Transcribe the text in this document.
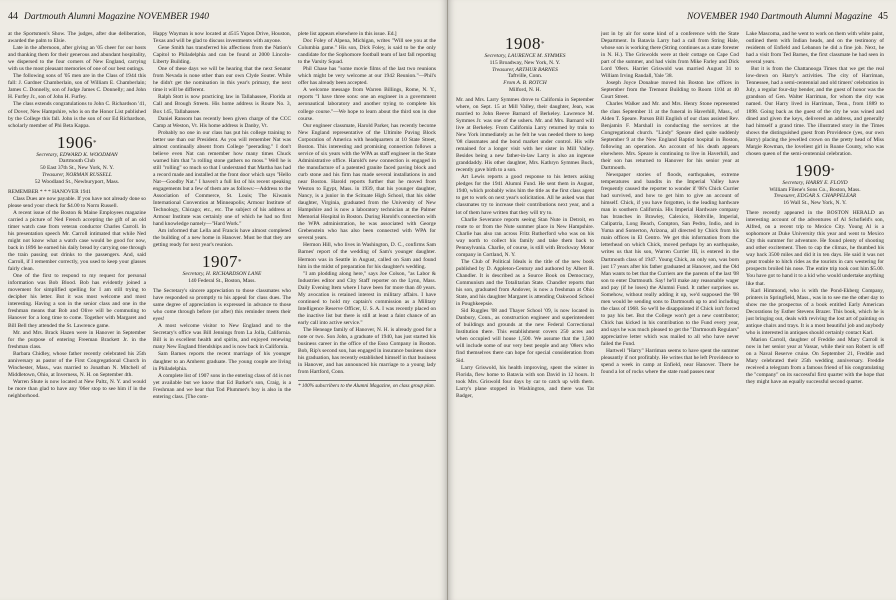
44 Dartmouth Alumni Magazine NOVEMBER 1940

at the Sportsmen's Show. The judges, after due deliberation, awarded the palm to Elsie.

Late in the afternoon, after giving an '05 cheer for our hosts and thanking them for their generous and abundant hospitality, we dispersed to the four corners of New England, carrying with us the most pleasant memories of one of our best outings.

The following sons of '05 men are in the Class of 1944 this fall: J. Gardner Chamberlain, son of William E. Chamberlain; James C. Donnelly, son of Judge James C. Donnelly; and John H. Furfey Jr., son of John H. Furfey.

The class extends congratulations to John C. Richardson '41, of Dover, New Hampshire, who is on the Honor List published by the College this fall. John is the son of our Ed Richardson, scholarly member of Phi Beta Kappa.

1906*
Secretary, EDWARD K. WOODMAN
Dartmouth Club
50 East 37th St., New York, N. Y.
Treasurer, NORMAN RUSSELL
52 Woodland St., Newburyport, Mass.

REMEMBER * * * HANOVER 1941

Class Dues are now payable. If you have not already done so please send your check for $4.00 to Norm Russell.

A recent issue of the Boston & Maine Employees magazine carried a picture of Ned French accepting the gift of an old timer watch case from veteran conductor Charles Carroll. In his presentation speech Mr. Carroll intimated that while Ned might not know what a watch case would be good for now, back in 1896 he earned his daily bread by carrying one through the train passing out drinks to the passengers. And, said Carroll, if I remember correctly, you used to keep your glasses fairly clean.

One of the first to respond to my request for personal information was Bob Blood. Bob has evidently joined a movement for simplified spelling for I am still trying to decipher his letter. But it was most welcome and most interesting. Having a son in the senior class and one in the freshman means that Bob and Olive will be commuting to Hanover for a long time to come. Together with Margaret and Bill Bell they attended the St. Lawrence game.

Mr. and Mrs. Brack Hazen were in Hanover in September for the purpose of entering Freeman Brackett Jr. in the freshman class.

Barbara Chidley, whose father recently celebrated his 25th anniversary as pastor of the First Congregational Church in Winchester, Mass., was married to Jonathan N. Mitchell of Middletown, Ohio, at Inverness, N. H. on September 4th.

Warren Shute is now located at New Paltz, N. Y. and would be more than glad to have any '06er stop to see him if in the neighborhood.

Happy Wayman is now located at 4515 Yupon Drive, Houston, Texas and will be glad to discuss investments with anyone.

Gene Smith has transferred his affections from the Nation's Capitol to Philadelphia and can be found at 2000 Lincoln-Liberty Building.

One of these days we will be hearing that the next Senator from Nevada is none other than our own Clyde Souter. While he didn't get the nomination in this year's primary, the next time it will be different.

Ralph Stott is now practicing law in Tallahassee, Florida at Call and Brough Streets. His home address is Route No. 3, Box 145, Tallahassee.

Daniel Ransom has recently been given charge of the CCC Camp at Weston, Vt. His home address is Danby, Vt.

Probably no one in our class has put his college training to better use than our President. As you will remember Nat was almost continually absent from College "peerading." I don't believe even Nat can remember how many times Chuck warned him that "a rolling stone gathers no moss." Well he is still "rolling" so much so that I understand that Martha has had a record made and installed at the front door which says "Hello Nat—Goodby Nat." I haven't a full list of his recent speaking engagements but a few of them are as follows:—Address to the Association of Commerce, St. Louis; The Kiwanis International Convention at Minneapolis; Armour Institute of Technology, Chicago; etc., etc. The subject of his address at Armour Institute was certainly one of which he had no first hand knowledge namely—"Hard Work."

Am informed that Lella and Francis have almost completed the building of a new home in Hanover. Must be that they are getting ready for next year's reunion.

1907*
Secretary, H. RICHARDSON LANE
140 Federal St., Boston, Mass.

The Secretary's sincere appreciation to those classmates who have responded so promptly to his appeal for class dues. The same degree of appreciation is expressed in advance to those who come through before (or after) this reminder meets their eyes!

A most welcome visitor to New England and to the Secretary's office was Bill Jennings from La Jolla, California. Bill is in excellent health and spirits, and enjoyed renewing many New England friendships and is now back in California.

Sam Barnes reports the recent marriage of his younger daughter to an Amherst graduate. The young couple are living in Philadelphia.

A complete list of 1907 sons in the entering class of 44 is not yet available but we know that Ed Barker's son, Craig, is a Freshman and we hear that Tod Plummer's boy is also in the entering class. [The com-

plete list appears elsewhere in this issue. Ed.]

Doc Foley of Alpena, Michigan, writes "Will see you at the Columbia game." His son, Dick Foley, is said to be the only candidate for the Sophomore football team of last fall reporting to the Varsity Squad.

Phil Chase has "some movie films of the last two reunions which might be very welcome at our 1942 Reunion."—Phil's offer has already been accepted.

A welcome message from Warren Billings, Rome, N. Y., reports "I have three sons: one an engineer in a government aeronautical laboratory and another trying to complete his college course."—We hope to learn about the third son in due course.

Our engineer classmate, Harold Parker, has recently become New England representative of the Ultimite Paving Block Corporation of America with headquarters at 10 State Street, Boston. This interesting and promising connection follows a service of six years with the WPA as staff engineer in the State Administrative office. Harold's new connection is engaged in the manufacture of a patented granite faced paving block and curb stone and his firm has made several installations in and near Boston. Harold reports further that he moved from Weston to Egypt, Mass. in 1939, that his younger daughter, Nancy, is a junior in the Scituate High School, that his older daughter, Virginia, graduated from the University of New Hampshire and is now a laboratory technician at the Palmer Memorial Hospital in Boston. During Harold's connection with the WPA administration, he was associated with George Grebenstein who has also been connected with WPA for several years.

Hermon Hill, who lives in Washington, D. C., confirms Sam Barnes' report of the wedding of Sam's younger daughter. Hermon was in Seattle in August, called on Sam and found him in the midst of preparation for his daughter's wedding.

"I am plodding along here," says Joe Colson, "as Labor & Industries editor and City Staff reporter on the Lynn, Mass. Daily Evening Item where I have been for more than 40 years. My avocation is retained interest in military affairs. I have continued to hold my captain's commission as a Military Intelligence Reserve Officer, U. S. A. I was recently placed on the inactive list but there is still at least a faint chance of an early call into active service."

The Heneage family of Hanover, N. H. is already good for a note or two. Son John, a graduate of 1940, has just started his business career in the office of the Esso Company in Boston. Bob, Rip's second son, has engaged in insurance business since his graduation, has recently established himself in that business in Hanover, and has announced his marriage to a young lady from Hartford, Conn.

* 100% subscribers to the Alumni Magazine, on class group plan.
NOVEMBER 1940 Dartmouth Alumni Magazine 45
1908*
Secretary, LAURENCE M. SYMMES
115 Broadway, New York, N. Y.
Treasurer, ARTHUR BARNES
Taftville, Conn.
From A. B. ROTCH
Milford, N. H.

Mr. and Mrs. Larry Symmes drove to California in September where, on Sept. 15 at Mill Valley, their daughter, Jean, was married to John Reeve Barnard of Berkeley. Lawrence M. Symmes Jr. was one of the ushers. Mr. and Mrs. Barnard will live at Berkeley. From California Larry returned by train to New York immediately as he felt he was needed there to keep '08 classmates and the bond market under control. His wife remained for a longer visit with her sister in Mill Valley. Besides being a new father-in-law Larry is also an ingenue granddaddy. His other daughter, Mrs. Kathryn Symmes Buck, recently gave birth to a son.

Art Lewis reports a good response to his letters asking pledges for the 1941 Alumni Fund. He sent them in August, 1940, which probably wins him the title as the first class agent to get to work on next year's solicitation. All he asked was that classmates try to increase their contributions next year, and a lot of them have written that they will try to.

Charlie Severance reports seeing Stan Nute in Detroit, en route to or from the Nute summer place in New Hampshire. Charlie has also ran across Fritz Rutherford who was on his way north to collect his family and take them back to Pennsylvania. Charlie, of course, is still with Brockway Motor company in Cortland, N. Y.

The Club of Political Ideals is the title of the new book published by D. Appleton-Century and authored by Albert R. Chandler. It is described as a Source Book on Democracy, Communism and the Totalitarian State. Chandler reports that his son, graduated from Andover, is now a freshman at Ohio State, and his daughter Margaret is attending Oakwood School in Poughkeepsie.

Sid Ruggles '08 and Thayer School '09, is now located in Danbury, Conn., as construction engineer and superintendent of buildings and grounds at the new Federal Correctional Institution there. This establishment covers 250 acres and when occupied will house 1,500. We assume that the 1,500 will include some of our very best people and any '08ers who find themselves there can hope for special consideration from Sid.

Larry Griswold, his health improving, spent the winter in Florida, flew home to Batavia with son David in 12 hours. It took Mrs. Griswold four days by car to catch up with them. Larry's plane stopped in Washington, and there was Tat Badger,

just in by air for some kind of a conference with the State Department. In Batavia Larry had a call from String Hale, whose son is working there (String continues as a state forester in N. H.). The Griswolds were at their cottage on Cape Cod part of the summer, and had visits from Mike Farley and Dick Lord '09ers. Harriet Griswold was married August 31 to William Irving Randall, Yale '38.

Joseph Joyce Donahue moved his Boston law offices in September from the Tremont Building to Room 1104 at 40 Court Street.

Charles Walker and Mr. and Mrs. Henry Stone represented the class September 11 at the funeral in Haverhill, Mass., of Alden T. Speare. Parson Bill English of our class assisted Rev. Benjamin F. Marshall in conducting the services at the Congregational church. "Lindy" Speare died quite suddenly September 9 at the New England Baptist hospital in Boston, following an operation. An account of his death appears elsewhere. Mrs. Speare is continuing to live in Haverhill, and their son has returned to Hanover for his senior year at Dartmouth.

Newspaper stories of floods, earthquakes, extreme temperatures and bandits in the Imperial Valley have frequently caused the reporter to wonder if '08's Chick Currier had survived, and how to get him to give an account of himself. Chick, if you have forgotten, is the leading hardware man in southern California. His Imperial Hardware company has branches in Brawley, Calexico, Holtville, Imperial, Calipatria, Long Beach, Compton, San Pedro, Indio, and in Yuma and Somerton, Arizona, all directed by Chick from his main offices in El Centro. We get this information from the letterhead on which Chick, moved perhaps by an earthquake, writes us that his son, Warren Currier III, is entered in the Dartmouth class of 1947. Young Chick, an only son, was born just 17 years after his father graduated at Hanover, and the Old Man wants to bet that the Curriers are the parents of the last '08 son to enter Dartmouth. Say! he'll make any reasonable wager and pay (if he loses) the Alumni Fund. It rather surprises us. Somehow, without really adding it up, we'd supposed the '08 men would be sending sons to Dartmouth up to and including the class of 1968. So we'll be disappointed if Chick isn't forced to pay his bet. But the College won't get a new contributor; Chick has kicked in his contribution to the Fund every year, and says he was much pleased to get the "Dartmouth Regulars" appreciative letter which was mailed to all who have never failed the Fund.

Hartwell "Harry" Harriman seems to have spent the summer pleasantly if not profitably. He writes that he left Providence to spend a week in camp at Enfield, near Hanover. There he found a lot of rocks where the state road passes near

Lake Mascoma, and he went to work on them with white paint, outlined them with Indian heads, and on the testimony of residents of Enfield and Lebanon he did a fine job. Next, he had a visit from Ted Barnes, the first classmate he had seen in several years.

But it is from the Chattanooga Times that we get the real low-down on Harry's activities. The city of Harriman, Tennessee, had a semi-centennial and old timers' celebration in July, a regular four-day bender, and the guest of honor was the grandson of Gen. Walter Harriman, for whom the city was named. Our Harry lived in Harriman, Tenn., from 1889 to 1898. Going back as the guest of the city he was wined and dined and given the keys, delivered an address, and generally had himself a grand time. The illustrated story in the Times shows the distinguished guest from Providence (yes, our own Harry) placing the jewelled crown on the pretty head of Miss Margie Rowman, the loveliest girl in Roane County, who was chosen queen of the semi-centennial celebration.

1909*
Secretary, HARRY E. FLOYD
William Filene's Sons Co., Boston, Mass.
Treasurer, EDGAR S. CHAPPELEAR
16 Wall St., New York, N. Y.

There recently appeared in the BOSTON HERALD an interesting account of the adventures of Al Schofield's son, Alfred, on a recent trip to Mexico City. Young Al is a sophomore at Duke University this year and went to Mexico City this summer for adventure. He found plenty of shooting and other excitement. Then to cap the climax, he thumbed his way back 3500 miles and did it in ten days. He said it was not great trouble to hitch rides as the tourists in cars westering for prospects broiled his nose. The entire trip took cost him $5.00. You have got to hand it to a kid who would undertake anything like that.

Karl Himmond, who is with the Pond-Ekberg Company, printers in Springfield, Mass., was in to see me the other day to show me the prospectus of a book entitled Early American Decorations by Esther Stevens Brazer. This book, which he is just bringing out, deals with reviving the lost art of painting on antique chairs and trays. It is a most beautiful job and anybody who is interested in antiques should certainly contact Karl.

Marion Carroll, daughter of Freddie and Mary Carroll is now in her senior year at Vassar, while their son Robert is off on a Naval Reserve cruise. On September 21, Freddie and Mary celebrated their 25th wedding anniversary. Freddie received a telegram from a famous friend of his congratulating the "company" on its successful first quarter with the hope that they might have an equally successful second quarter.
